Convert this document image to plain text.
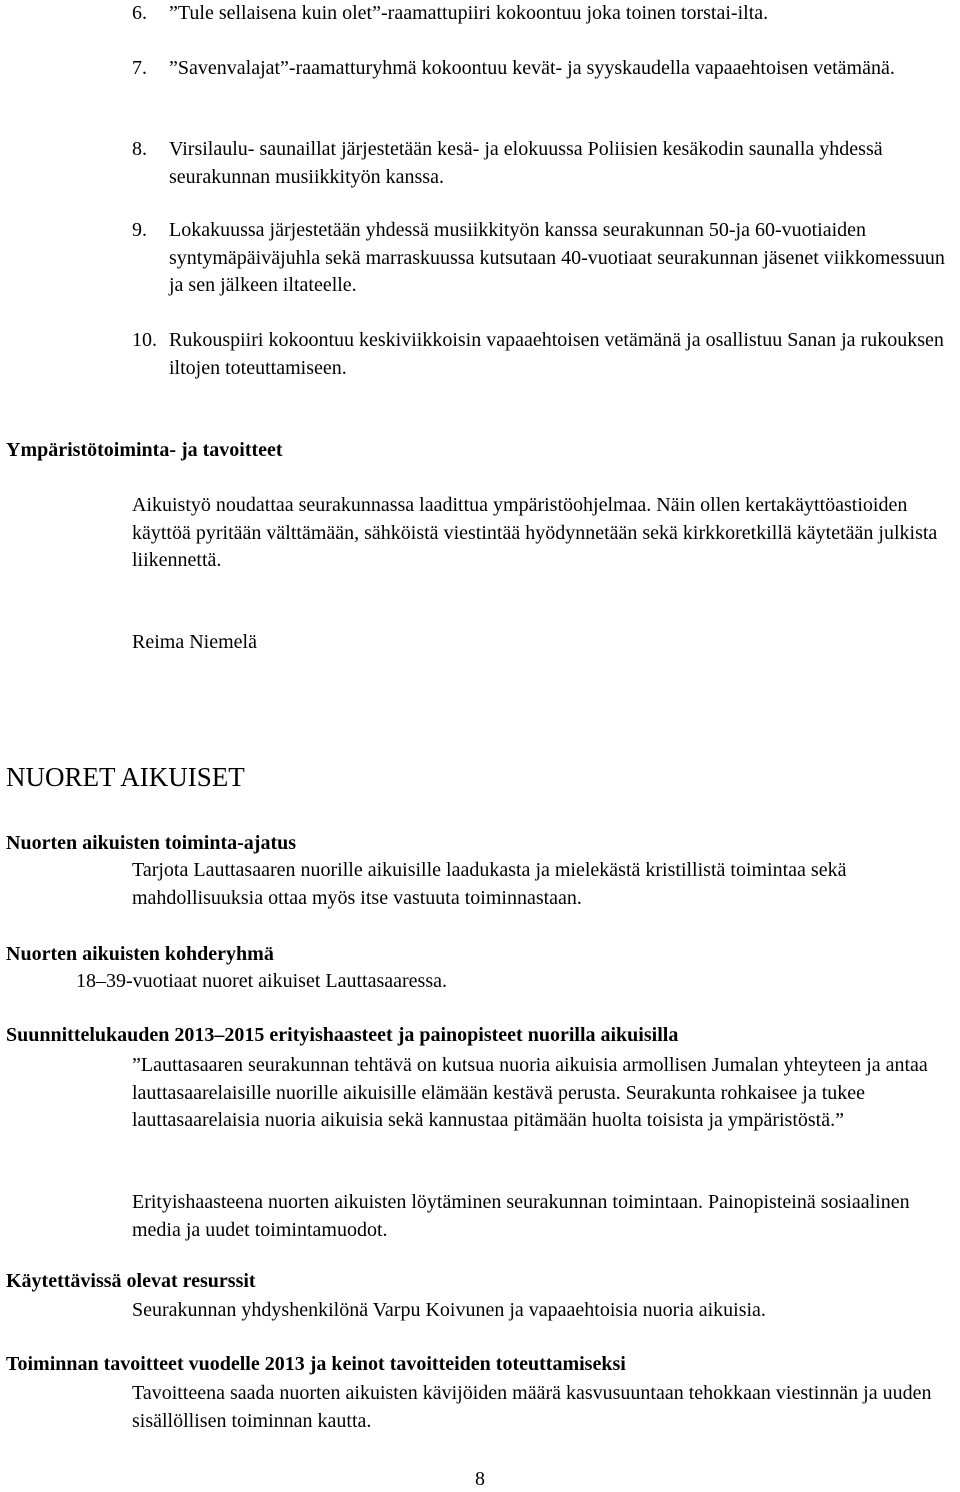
6.	”Tule sellaisena kuin olet”-raamattupiiri kokoontuu joka toinen torstai-ilta.
7.	”Savenvalajat”-raamatturyhmä kokoontuu kevät- ja syyskaudella vapaaehtoisen vetämänä.
8.	Virsilaulu- saunaillat järjestetään kesä- ja elokuussa Poliisien kesäkodin saunalla yhdessä seurakunnan musiikkityön kanssa.
9.	Lokakuussa järjestetään yhdessä musiikkityön kanssa seurakunnan 50-ja 60-vuotiaiden syntymäpäiväjuhla sekä marraskuussa kutsutaan 40-vuotiaat seurakunnan jäsenet viikkomessuun ja sen jälkeen iltateelle.
10. Rukouspiiri kokoontuu keskiviikkoisin vapaaehtoisen vetämänä ja osallistuu Sanan ja rukouksen iltojen toteuttamiseen.
Ympäristötoiminta- ja tavoitteet
Aikuistyö noudattaa seurakunnassa laadittua ympäristöohjelmaa. Näin ollen kertakäyttöastioiden käyttöä pyritään välttämään, sähköistä viestintää hyödynnetään sekä kirkkoretkillä käytetään julkista liikennettä.
Reima Niemelä
NUORET AIKUISET
Nuorten aikuisten toiminta-ajatus
Tarjota Lauttasaaren nuorille aikuisille laadukasta ja mielekästä kristillistä toimintaa sekä mahdollisuuksia ottaa myös itse vastuuta toiminnastaan.
Nuorten aikuisten kohderyhmä
18–39-vuotiaat nuoret aikuiset Lauttasaaressa.
Suunnittelukauden 2013–2015 erityishaasteet ja painopisteet nuorilla aikuisilla
”Lauttasaaren seurakunnan tehtävä on kutsua nuoria aikuisia armollisen Jumalan yhteyteen ja antaa lauttasaarelaisille nuorille aikuisille elämään kestävä perusta. Seurakunta rohkaisee ja tukee lauttasaarelaisia nuoria aikuisia sekä kannustaa pitämään huolta toisista ja ympäristöstä.”
Erityishaasteena nuorten aikuisten löytäminen seurakunnan toimintaan. Painopisteinä sosiaalinen media ja uudet toimintamuodot.
Käytettävissä olevat resurssit
Seurakunnan yhdyshenkilönä Varpu Koivunen ja vapaaehtoisia nuoria aikuisia.
Toiminnan tavoitteet vuodelle 2013 ja keinot tavoitteiden toteuttamiseksi
Tavoitteena saada nuorten aikuisten kävijöiden määrä kasvusuuntaan tehokkaan viestinnän ja uuden sisällöllisen toiminnan kautta.
8
